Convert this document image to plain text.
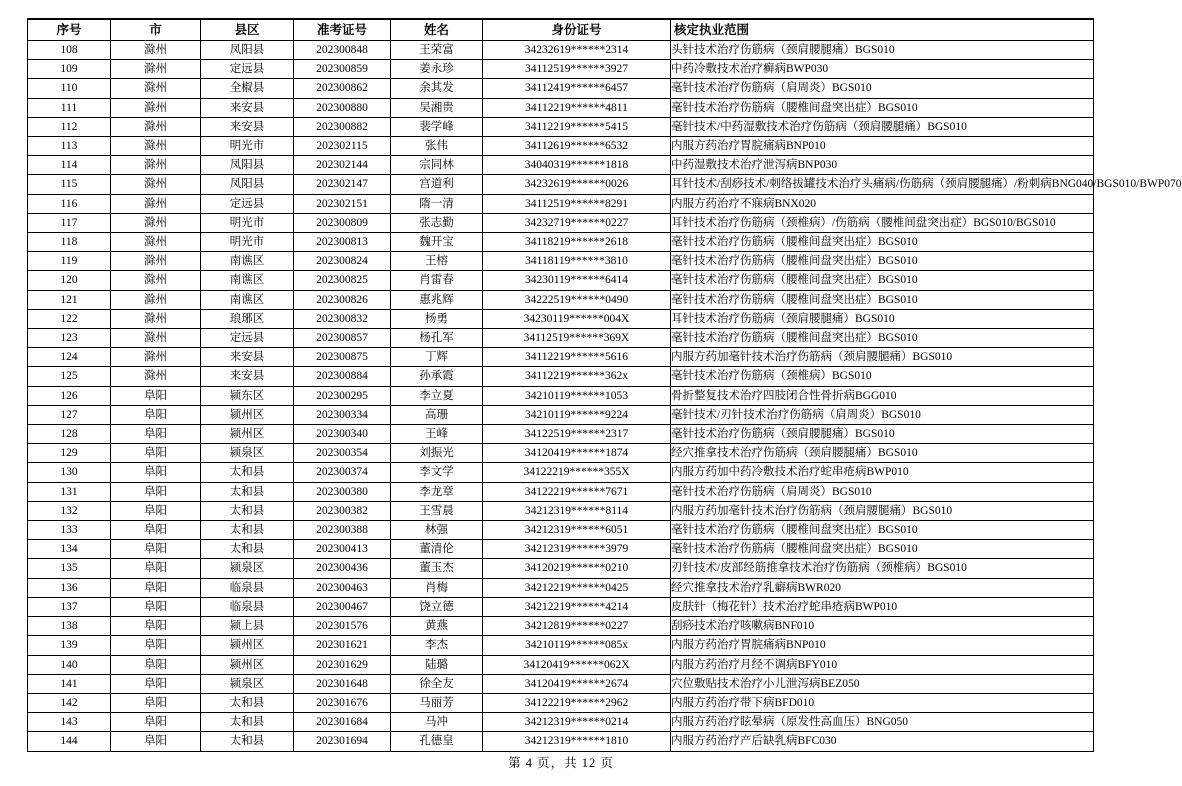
序号	市	县区	准考证号	姓名	身份证号	核定执业范围
108	滁州	凤阳县	202300848	王荣富	34232619******2314	头针技术治疗伤筋病（颈肩腰腿痛）BGS010
109	滁州	定远县	202300859	姜永珍	34112519******3927	中药冷敷技术治疗癣病BWP030
110	滁州	全椒县	202300862	余其发	34112419******6457	毫针技术治疗伤筋病（肩周炎）BGS010
111	滁州	来安县	202300880	吴湘贵	34112219******4811	毫针技术治疗伤筋病（腰椎间盘突出症）BGS010
112	滁州	来安县	202300882	裴学峰	34112219******5415	毫针技术/中药湿敷技术治疗伤筋病（颈肩腰腿痛）BGS010
113	滁州	明光市	202302115	张伟	34112619******6532	内服方药治疗胃脘痛病BNP010
114	滁州	凤阳县	202302144	宗同林	34040319******1818	中药湿敷技术治疗泄泻病BNP030
115	滁州	凤阳县	202302147	宫道利	34232619******0026	耳针技术/刮痧技术/刺络拔罐技术治疗头痛病/伤筋病（颈肩腰腿痛）/粉刺病BNG040/BGS010/BWP070
116	滁州	定远县	202302151	隋一清	34112519******8291	内服方药治疗不寐病BNX020
117	滁州	明光市	202300809	张志勤	34232719******0227	耳针技术治疗伤筋病（颈椎病）/伤筋病（腰椎间盘突出症）BGS010/BGS010
118	滁州	明光市	202300813	魏开宝	34118219******2618	毫针技术治疗伤筋病（腰椎间盘突出症）BGS010
119	滁州	南谯区	202300824	王榕	34118119******3810	毫针技术治疗伤筋病（腰椎间盘突出症）BGS010
120	滁州	南谯区	202300825	肖雷春	34230119******6414	毫针技术治疗伤筋病（腰椎间盘突出症）BGS010
121	滁州	南谯区	202300826	惠兆辉	34222519******0490	毫针技术治疗伤筋病（腰椎间盘突出症）BGS010
122	滁州	琅琊区	202300832	杨勇	34230119******004X	耳针技术治疗伤筋病（颈肩腰腿痛）BGS010
123	滁州	定远县	202300857	杨孔军	34112519******369X	毫针技术治疗伤筋病（腰椎间盘突出症）BGS010
124	滁州	来安县	202300875	丁辉	34112219******5616	内服方药加毫针技术治疗伤筋病（颈肩腰腿痛）BGS010
125	滁州	来安县	202300884	孙承霞	34112219******362x	毫针技术治疗伤筋病（颈椎病）BGS010
126	阜阳	颍东区	202300295	李立夏	34210119******1053	骨折整复技术治疗四肢闭合性骨折病BGG010
127	阜阳	颍州区	202300334	高珊	34210119******9224	毫针技术/刃针技术治疗伤筋病（肩周炎）BGS010
128	阜阳	颍州区	202300340	王峰	34122519******2317	毫针技术治疗伤筋病（颈肩腰腿痛）BGS010
129	阜阳	颍泉区	202300354	刘振光	34120419******1874	经穴推拿技术治疗伤筋病（颈肩腰腿痛）BGS010
130	阜阳	太和县	202300374	李文学	34122219******355X	内服方药加中药冷敷技术治疗蛇串疮病BWP010
131	阜阳	太和县	202300380	李龙章	34122219******7671	毫针技术治疗伤筋病（肩周炎）BGS010
132	阜阳	太和县	202300382	王雪晨	34212319******8114	内服方药加毫针技术治疗伤筋病（颈肩腰腿痛）BGS010
133	阜阳	太和县	202300388	林强	34212319******6051	毫针技术治疗伤筋病（腰椎间盘突出症）BGS010
134	阜阳	太和县	202300413	董清伦	34212319******3979	毫针技术治疗伤筋病（腰椎间盘突出症）BGS010
135	阜阳	颍泉区	202300436	董玉杰	34120219******0210	刃针技术/皮部经筋推拿技术治疗伤筋病（颈椎病）BGS010
136	阜阳	临泉县	202300463	肖梅	34212219******0425	经穴推拿技术治疗乳癖病BWR020
137	阜阳	临泉县	202300467	饶立德	34212219******4214	皮肤针（梅花针）技术治疗蛇串疮病BWP010
138	阜阳	颍上县	202301576	黄燕	34212819******0227	刮痧技术治疗咳嗽病BNF010
139	阜阳	颍州区	202301621	李杰	34210119******085x	内服方药治疗胃脘痛病BNP010
140	阜阳	颍州区	202301629	陆璐	34120419******062X	内服方药治疗月经不调病BFY010
141	阜阳	颍泉区	202301648	徐全友	34120419******2674	穴位敷贴技术治疗小儿泄泻病BEZ050
142	阜阳	太和县	202301676	马丽芳	34122219******2962	内服方药治疗带下病BFD010
143	阜阳	太和县	202301684	马冲	34212319******0214	内服方药治疗眩晕病（原发性高血压）BNG050
144	阜阳	太和县	202301694	孔德皇	34212319******1810	内服方药治疗产后缺乳病BFC030
第 4 页，共 12 页
